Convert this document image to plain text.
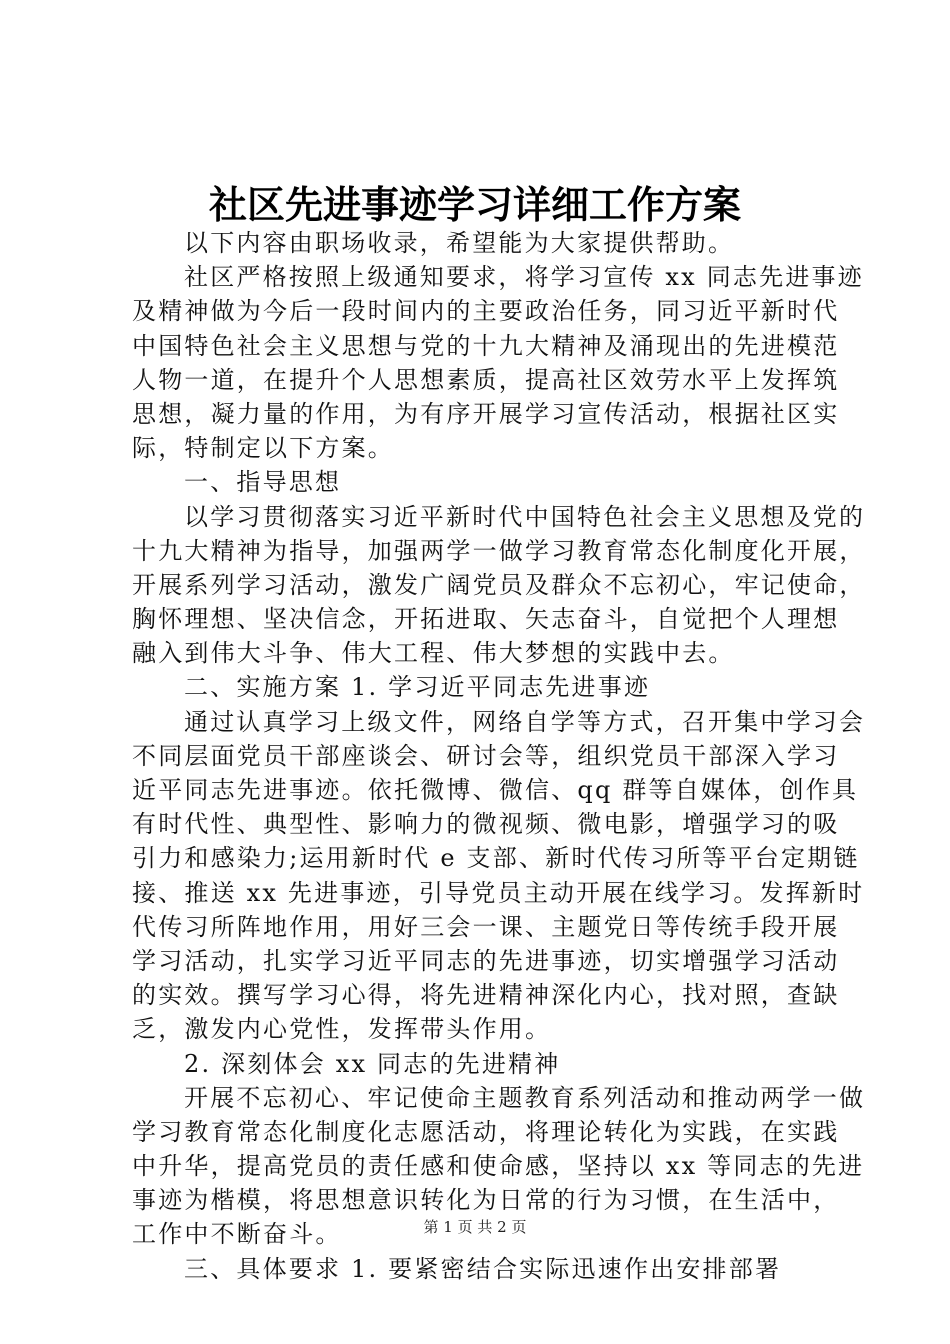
社区先进事迹学习详细工作方案
以下内容由职场收录，希望能为大家提供帮助。
社区严格按照上级通知要求，将学习宣传 xx 同志先进事迹
及精神做为今后一段时间内的主要政治任务，同习近平新时代
中国特色社会主义思想与党的十九大精神及涌现出的先进模范
人物一道，在提升个人思想素质，提高社区效劳水平上发挥筑
思想，凝力量的作用，为有序开展学习宣传活动，根据社区实
际，特制定以下方案。
一、指导思想
以学习贯彻落实习近平新时代中国特色社会主义思想及党的
十九大精神为指导，加强两学一做学习教育常态化制度化开展，
开展系列学习活动，激发广阔党员及群众不忘初心，牢记使命，
胸怀理想、坚决信念，开拓进取、矢志奋斗，自觉把个人理想
融入到伟大斗争、伟大工程、伟大梦想的实践中去。
二、实施方案 1. 学习近平同志先进事迹
通过认真学习上级文件，网络自学等方式，召开集中学习会
不同层面党员干部座谈会、研讨会等，组织党员干部深入学习
近平同志先进事迹。依托微博、微信、qq 群等自媒体，创作具
有时代性、典型性、影响力的微视频、微电影，增强学习的吸
引力和感染力;运用新时代 e 支部、新时代传习所等平台定期链
接、推送 xx 先进事迹，引导党员主动开展在线学习。发挥新时
代传习所阵地作用，用好三会一课、主题党日等传统手段开展
学习活动，扎实学习近平同志的先进事迹，切实增强学习活动
的实效。撰写学习心得，将先进精神深化内心，找对照，查缺
乏，激发内心党性，发挥带头作用。
2. 深刻体会 xx 同志的先进精神
开展不忘初心、牢记使命主题教育系列活动和推动两学一做
学习教育常态化制度化志愿活动，将理论转化为实践，在实践
中升华，提高党员的责任感和使命感，坚持以 xx 等同志的先进
事迹为楷模，将思想意识转化为日常的行为习惯，在生活中，
工作中不断奋斗。
三、具体要求 1. 要紧密结合实际迅速作出安排部署
第 1 页 共 2 页
